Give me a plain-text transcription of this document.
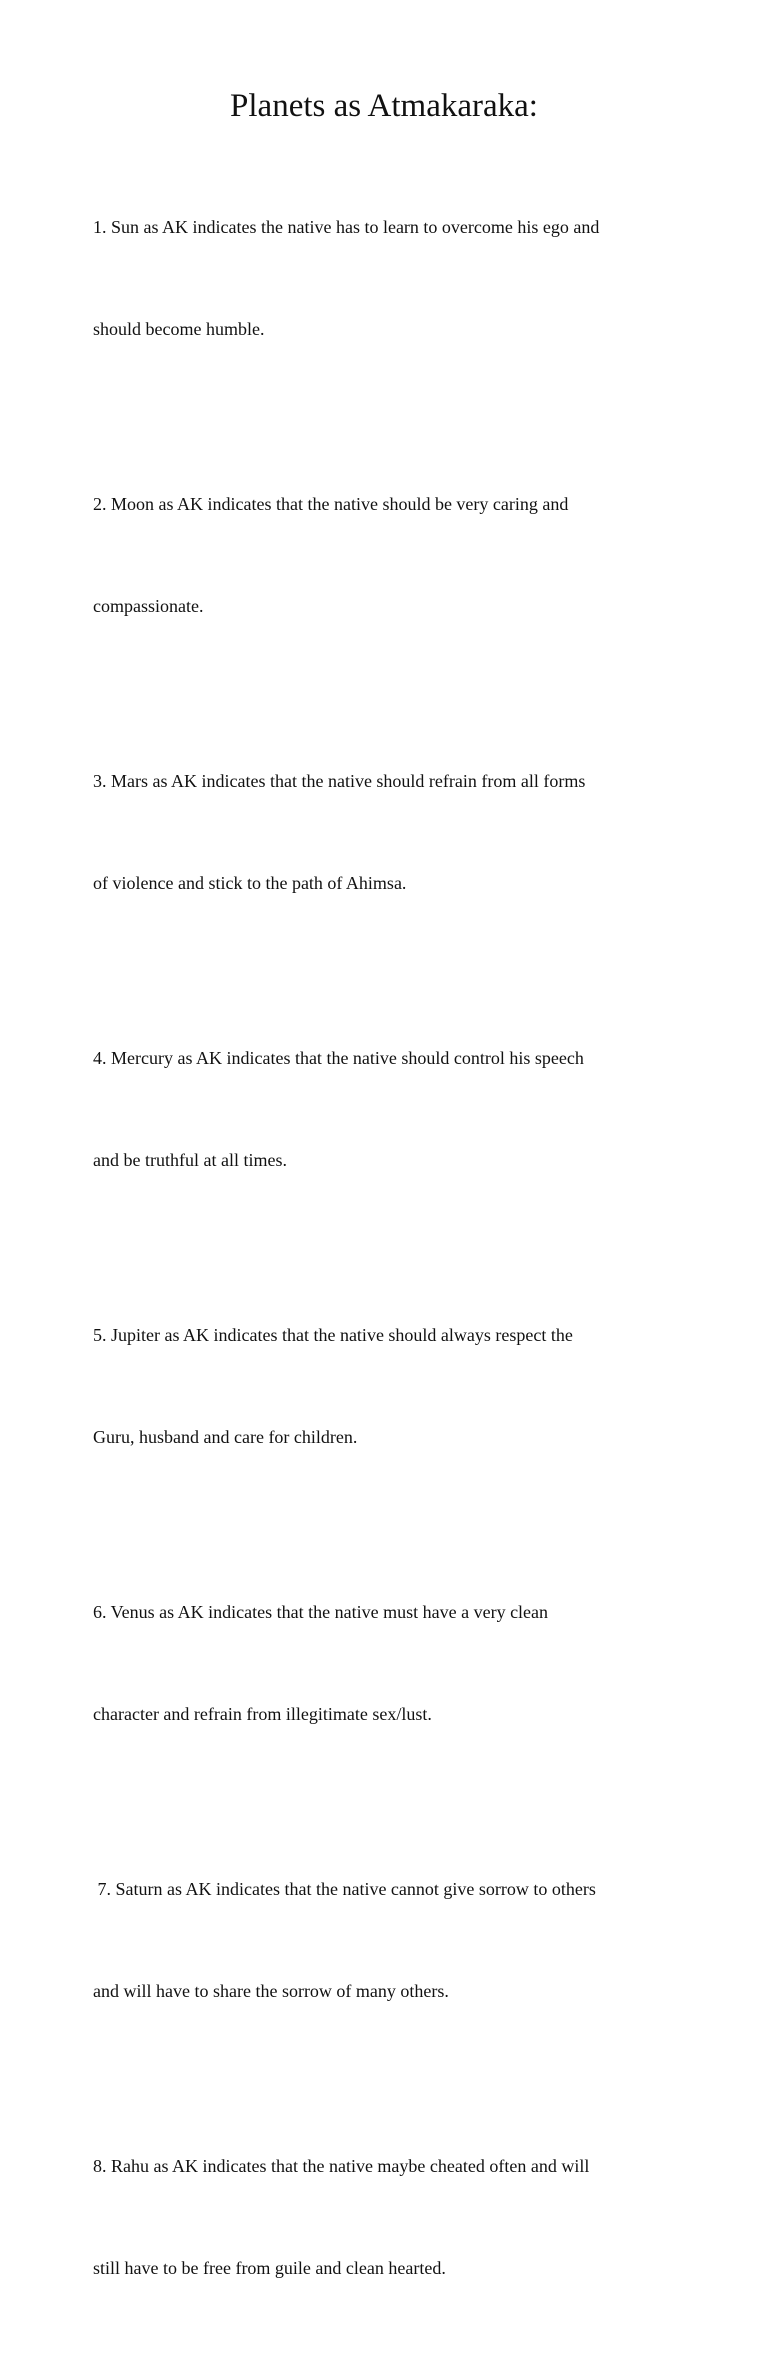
Planets as Atmakaraka:

1. Sun as AK indicates the native has to learn to overcome his ego and

should become humble.

2. Moon as AK indicates that the native should be very caring and

compassionate.

3. Mars as AK indicates that the native should refrain from all forms

of violence and stick to the path of Ahimsa.

4. Mercury as AK indicates that the native should control his speech

and be truthful at all times.

5. Jupiter as AK indicates that the native should always respect the

Guru, husband and care for children.

6. Venus as AK indicates that the native must have a very clean

character and refrain from illegitimate sex/lust.

7. Saturn as AK indicates that the native cannot give sorrow to others

and will have to share the sorrow of many others.

8. Rahu as AK indicates that the native maybe cheated often and will

still have to be free from guile and clean hearted.
